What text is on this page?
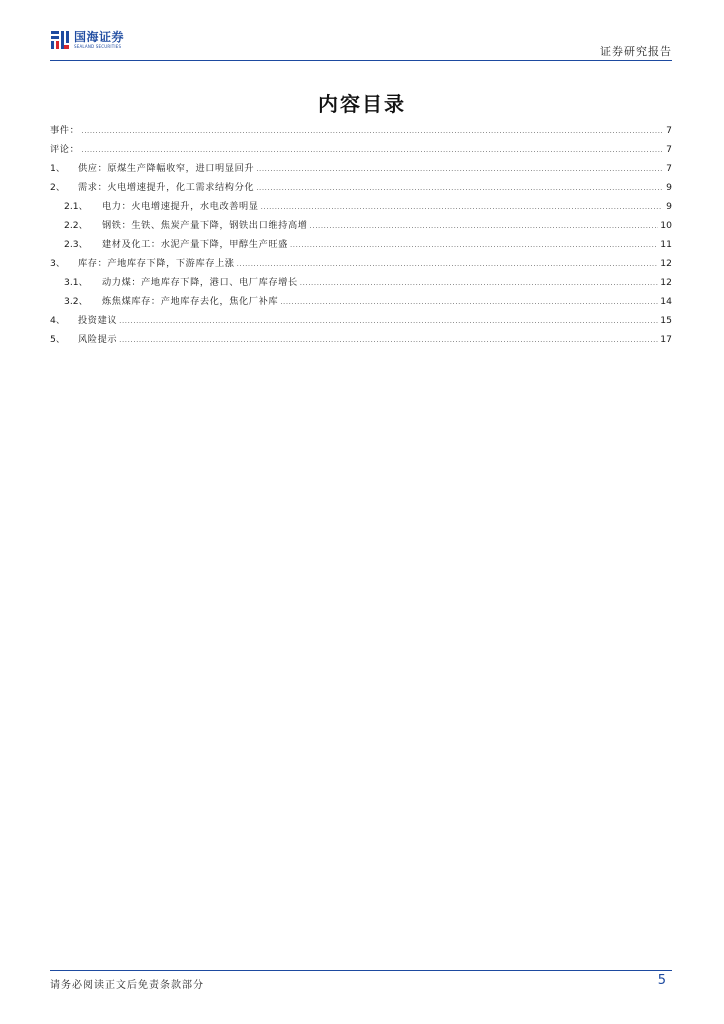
国海证券
SEALAND SECURITIES	证券研究报告
内容目录
事件： .....	7
评论： .....	7
1、	供应：原煤生产降幅收窄，进口明显回升 .....	7
2、	需求：火电增速提升，化工需求结构分化 .....	9
2.1、	电力：火电增速提升，水电改善明显 .....	9
2.2、	钢铁：生铁、焦炭产量下降，钢铁出口维持高增 .....	10
2.3、	建材及化工：水泥产量下降，甲醇生产旺盛 .....	11
3、	库存：产地库存下降，下游库存上涨 .....	12
3.1、	动力煤：产地库存下降，港口、电厂库存增长 .....	12
3.2、	炼焦煤库存：产地库存去化，焦化厂补库 .....	14
4、	投资建议 .....	15
5、	风险提示 .....	17
请务必阅读正文后免责条款部分	5
